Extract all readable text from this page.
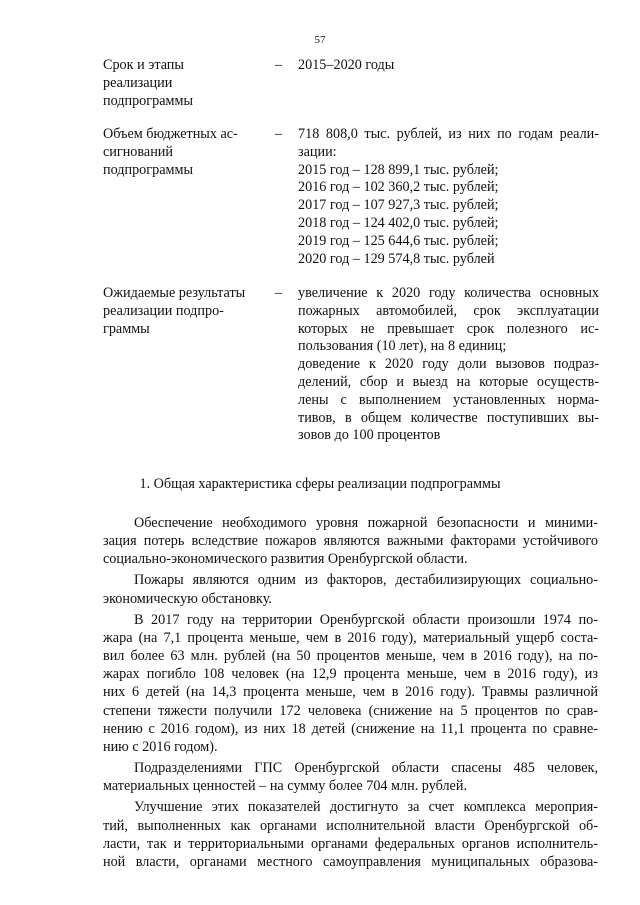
57
Срок и этапы
реализации
подпрограммы
– 2015–2020 годы
Объем бюджетных ас-
сигнований
подпрограммы
– 718 808,0 тыс. рублей, из них по годам реали-
зации:
2015 год – 128 899,1 тыс. рублей;
2016 год – 102 360,2 тыс. рублей;
2017 год – 107 927,3 тыс. рублей;
2018 год – 124 402,0 тыс. рублей;
2019 год – 125 644,6 тыс. рублей;
2020 год – 129 574,8 тыс. рублей
Ожидаемые результаты
реализации подпро-
граммы
– увеличение к 2020 году количества основных
пожарных автомобилей, срок эксплуатации
которых не превышает срок полезного ис-
пользования (10 лет), на 8 единиц;
доведение к 2020 году доли вызовов подраз-
делений, сбор и выезд на которые осуществ-
лены с выполнением установленных норма-
тивов, в общем количестве поступивших вы-
зовов до 100 процентов
1. Общая характеристика сферы реализации подпрограммы
Обеспечение необходимого уровня пожарной безопасности и миними-
зация потерь вследствие пожаров являются важными факторами устойчивого
социально-экономического развития Оренбургской области.
Пожары являются одним из факторов, дестабилизирующих социально-
экономическую обстановку.
В 2017 году на территории Оренбургской области произошли 1974 по-
жара (на 7,1 процента меньше, чем в 2016 году), материальный ущерб соста-
вил более 63 млн. рублей (на 50 процентов меньше, чем в 2016 году), на по-
жарах погибло 108 человек (на 12,9 процента меньше, чем в 2016 году), из
них 6 детей (на 14,3 процента меньше, чем в 2016 году). Травмы различной
степени тяжести получили 172 человека (снижение на 5 процентов по срав-
нению с 2016 годом), из них 18 детей (снижение на 11,1 процента по сравне-
нию с 2016 годом).
Подразделениями ГПС Оренбургской области спасены 485 человек,
материальных ценностей – на сумму более 704 млн. рублей.
Улучшение этих показателей достигнуто за счет комплекса мероприя-
тий, выполненных как органами исполнительной власти Оренбургской об-
ласти, так и территориальными органами федеральных органов исполнитель-
ной власти, органами местного самоуправления муниципальных образова-
